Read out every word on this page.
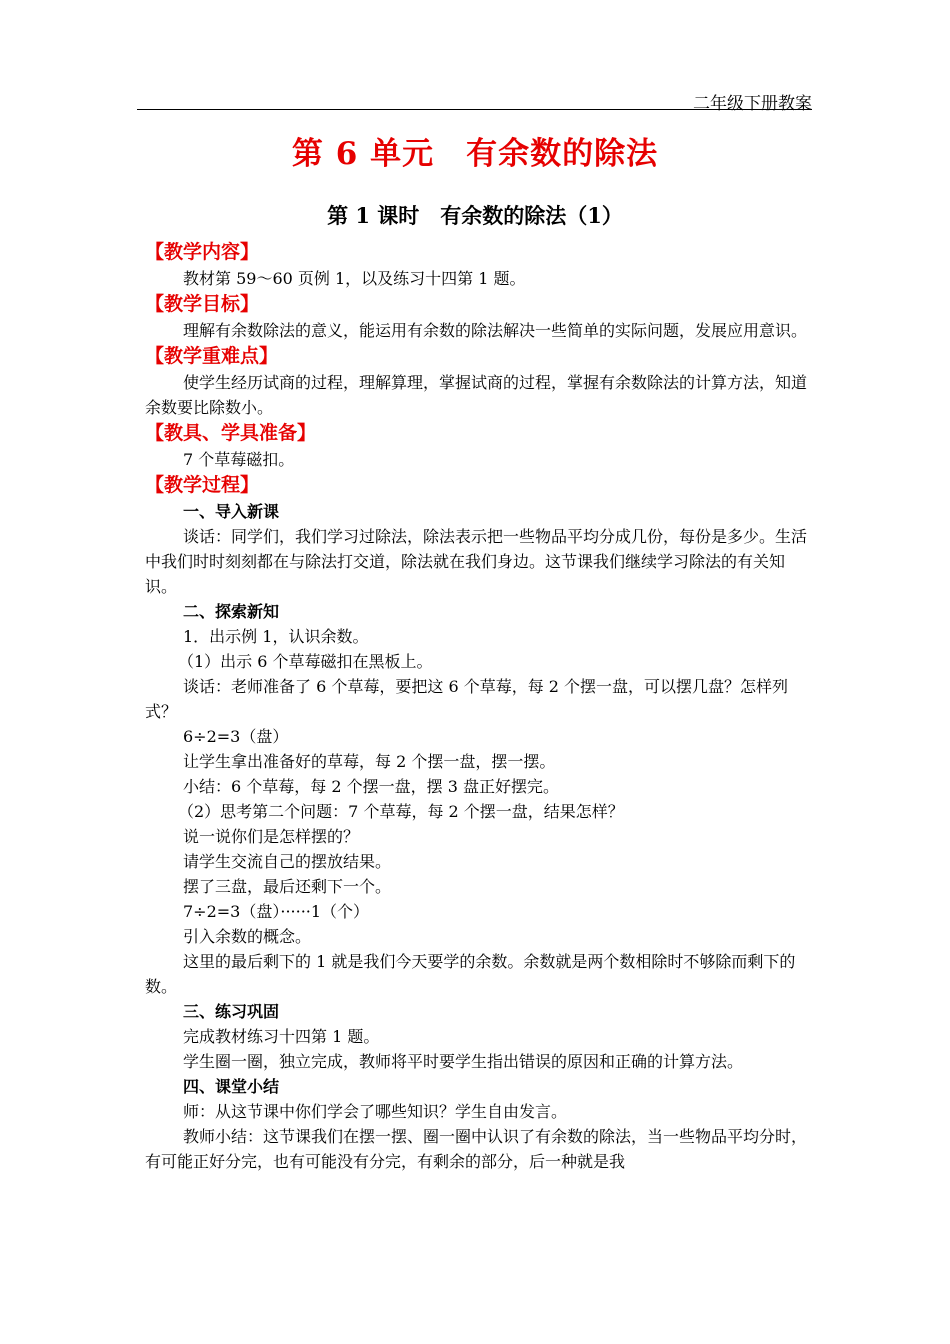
二年级下册教案
第 6 单元　有余数的除法
第 1 课时　有余数的除法（1）
【教学内容】
教材第 59～60 页例 1，以及练习十四第 1 题。
【教学目标】
理解有余数除法的意义，能运用有余数的除法解决一些简单的实际问题，发展应用意识。
【教学重难点】
使学生经历试商的过程，理解算理，掌握试商的过程，掌握有余数除法的计算方法，知道余数要比除数小。
【教具、学具准备】
7 个草莓磁扣。
【教学过程】
一、导入新课
谈话：同学们，我们学习过除法，除法表示把一些物品平均分成几份，每份是多少。生活中我们时时刻刻都在与除法打交道，除法就在我们身边。这节课我们继续学习除法的有关知识。
二、探索新知
1．出示例 1，认识余数。
（1）出示 6 个草莓磁扣在黑板上。
谈话：老师准备了 6 个草莓，要把这 6 个草莓，每 2 个摆一盘，可以摆几盘？怎样列式？
6÷2=3（盘）
让学生拿出准备好的草莓，每 2 个摆一盘，摆一摆。
小结：6 个草莓，每 2 个摆一盘，摆 3 盘正好摆完。
（2）思考第二个问题：7 个草莓，每 2 个摆一盘，结果怎样？
说一说你们是怎样摆的？
请学生交流自己的摆放结果。
摆了三盘，最后还剩下一个。
7÷2=3（盘）······1（个）
引入余数的概念。
这里的最后剩下的 1 就是我们今天要学的余数。余数就是两个数相除时不够除而剩下的数。
三、练习巩固
完成教材练习十四第 1 题。
学生圈一圈，独立完成，教师将平时要学生指出错误的原因和正确的计算方法。
四、课堂小结
师：从这节课中你们学会了哪些知识？学生自由发言。
教师小结：这节课我们在摆一摆、圈一圈中认识了有余数的除法，当一些物品平均分时，有可能正好分完，也有可能没有分完，有剩余的部分，后一种就是我
